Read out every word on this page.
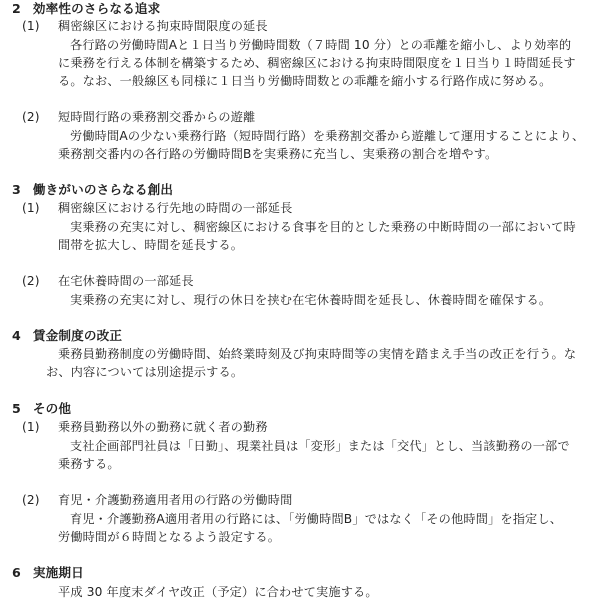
2 効率性のさらなる追求
(1) 稠密線区における拘束時間限度の延長
各行路の労働時間Aと１日当り労働時間数（７時間 10 分）との乖離を縮小し、より効率的
に乗務を行える体制を構築するため、稠密線区における拘束時間限度を１日当り１時間延長す
る。なお、一般線区も同様に１日当り労働時間数との乖離を縮小する行路作成に努める。
(2) 短時間行路の乗務割交番からの遊離
労働時間Aの少ない乗務行路（短時間行路）を乗務割交番から遊離して運用することにより、
乗務割交番内の各行路の労働時間Bを実乗務に充当し、実乗務の割合を増やす。
3 働きがいのさらなる創出
(1) 稠密線区における行先地の時間の一部延長
実乗務の充実に対し、稠密線区における食事を目的とした乗務の中断時間の一部において時
間帯を拡大し、時間を延長する。
(2) 在宅休養時間の一部延長
実乗務の充実に対し、現行の休日を挟む在宅休養時間を延長し、休養時間を確保する。
4 賃金制度の改正
乗務員勤務制度の労働時間、始終業時刻及び拘束時間等の実情を踏まえ手当の改正を行う。な
お、内容については別途提示する。
5 その他
(1) 乗務員勤務以外の勤務に就く者の勤務
支社企画部門社員は「日勤」、現業社員は「変形」または「交代」とし、当該勤務の一部で
乗務する。
(2) 育児・介護勤務適用者用の行路の労働時間
育児・介護勤務A適用者用の行路には、「労働時間B」ではなく「その他時間」を指定し、
労働時間が６時間となるよう設定する。
6 実施期日
平成 30 年度末ダイヤ改正（予定）に合わせて実施する。
